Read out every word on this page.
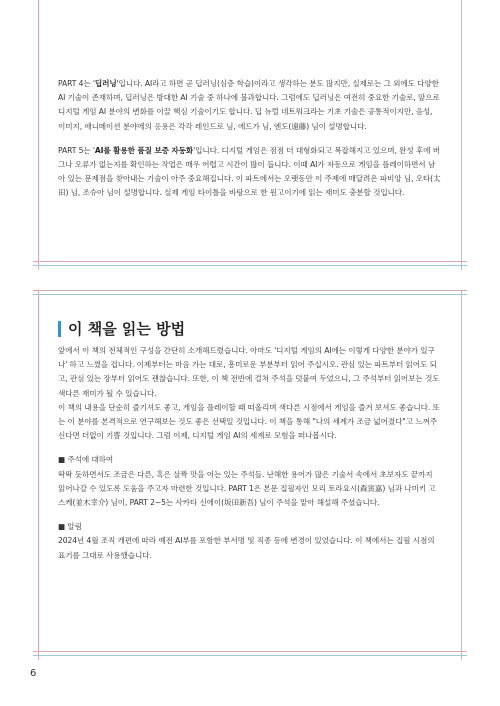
PART 4는 '딥러닝'입니다. AI라고 하면 곧 딥러닝(심층 학습)이라고 생각하는 분도 많지만, 실제로는 그 외에도 다양한 AI 기술이 존재하며, 딥러닝은 방대한 AI 기술 중 하나에 불과합니다. 그럼에도 딥러닝은 여전히 중요한 기술로, 앞으로 디지털 게임 AI 분야의 변화를 이끌 핵심 기술이기도 합니다. 딥 뉴럴 네트워크라는 기초 기술은 공통적이지만, 음성, 이미지, 애니메이션 분야에의 응용은 각각 레인드로 님, 에드가 님, 엔도(遠藤) 님이 설명합니다.

PART 5는 'AI를 활용한 품질 보증 자동화'입니다. 디지털 게임은 점점 더 대형화되고 복잡해지고 있으며, 완성 후에 버그나 오류가 없는지를 확인하는 작업은 매우 어렵고 시간이 많이 듭니다. 이때 AI가 자동으로 게임을 플레이하면서 남아 있는 문제점을 찾아내는 기술이 아주 중요해집니다. 이 파트에서는 오랫동안 이 주제에 매달려온 파비앙 님, 오타(太田) 님, 조슈아 님이 설명합니다. 실제 게임 타이틀을 바탕으로 한 원고이기에 읽는 재미도 충분할 것입니다.

이 책을 읽는 방법

앞에서 이 책의 전체적인 구성을 간단히 소개해드렸습니다. 아마도 '디지털 게임의 AI에는 이렇게 다양한 분야가 있구나' 하고 느꼈을 겁니다. 이제부터는 마음 가는 대로, 흥미로운 부분부터 읽어 주십시오. 관심 있는 파트부터 읽어도 되고, 관심 있는 장부터 읽어도 괜찮습니다. 또한, 이 책 전반에 걸쳐 주석을 덧붙여 두었으니, 그 주석부터 읽어보는 것도 색다른 재미가 될 수 있습니다.

이 책의 내용을 단순히 즐기셔도 좋고, 게임을 플레이할 때 떠올리며 색다른 시점에서 게임을 즐겨 보셔도 좋습니다. 또는 이 분야를 본격적으로 연구해보는 것도 좋은 선택일 것입니다. 이 책을 통해 "나의 세계가 조금 넓어졌다"고 느껴주신다면 더없이 기쁠 것입니다. 그럼 이제, 디지털 게임 AI의 세계로 모험을 떠나봅시다.

■ 주석에 대하여

딱딱 듯하면서도 조금은 다른, 혹은 살짝 맛을 어는 있는 주석들. 난해한 용어가 많은 기술서 속에서 초보자도 끝까지 읽어나갈 수 있도록 도움을 주고자 마련한 것입니다. PART 1은 본문 집필자인 모리 토라요시(森寅嘉) 님과 나미키 고스케(並木幸介) 님이, PART 2~5는 사카타 신에이(坂田新吾) 님이 주석을 맡아 해설해 주셨습니다.

■ 알림

2024년 4월 조직 개편에 따라 예전 AI부를 포함한 부서명 및 직종 등에 변경이 있었습니다. 이 책에서는 집필 시점의 표기를 그대로 사용했습니다.

6
